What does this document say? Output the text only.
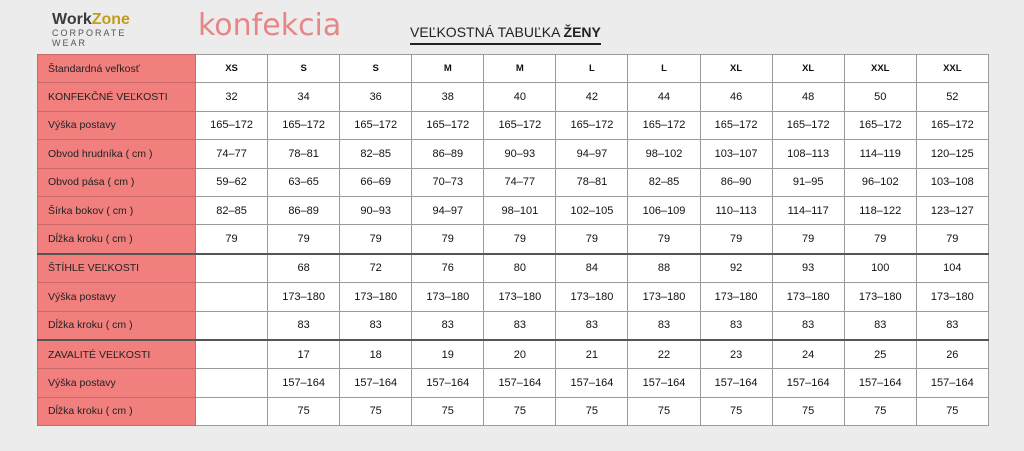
WorkZone
CORPORATE
WEAR	konfekcia	VEĽKOSTNÁ TABUĽKA ŽENY
Štandardná veľkosť	XS	S	S	M	M	L	L	XL	XL	XXL	XXL
KONFEKČNÉ VEĽKOSTI	32	34	36	38	40	42	44	46	48	50	52
Výška postavy	165–172	165–172	165–172	165–172	165–172	165–172	165–172	165–172	165–172	165–172	165–172
Obvod hrudníka ( cm )	74–77	78–81	82–85	86–89	90–93	94–97	98–102	103–107	108–113	114–119	120–125
Obvod pása ( cm )	59–62	63–65	66–69	70–73	74–77	78–81	82–85	86–90	91–95	96–102	103–108
Šírka bokov ( cm )	82–85	86–89	90–93	94–97	98–101	102–105	106–109	110–113	114–117	118–122	123–127
Dĺžka kroku ( cm )	79	79	79	79	79	79	79	79	79	79	79
ŠTÍHLE VEĽKOSTI		68	72	76	80	84	88	92	93	100	104
Výška postavy		173–180	173–180	173–180	173–180	173–180	173–180	173–180	173–180	173–180	173–180
Dĺžka kroku ( cm )		83	83	83	83	83	83	83	83	83	83
ZAVALITÉ VEĽKOSTI		17	18	19	20	21	22	23	24	25	26
Výška postavy		157–164	157–164	157–164	157–164	157–164	157–164	157–164	157–164	157–164	157–164
Dĺžka kroku ( cm )		75	75	75	75	75	75	75	75	75	75
